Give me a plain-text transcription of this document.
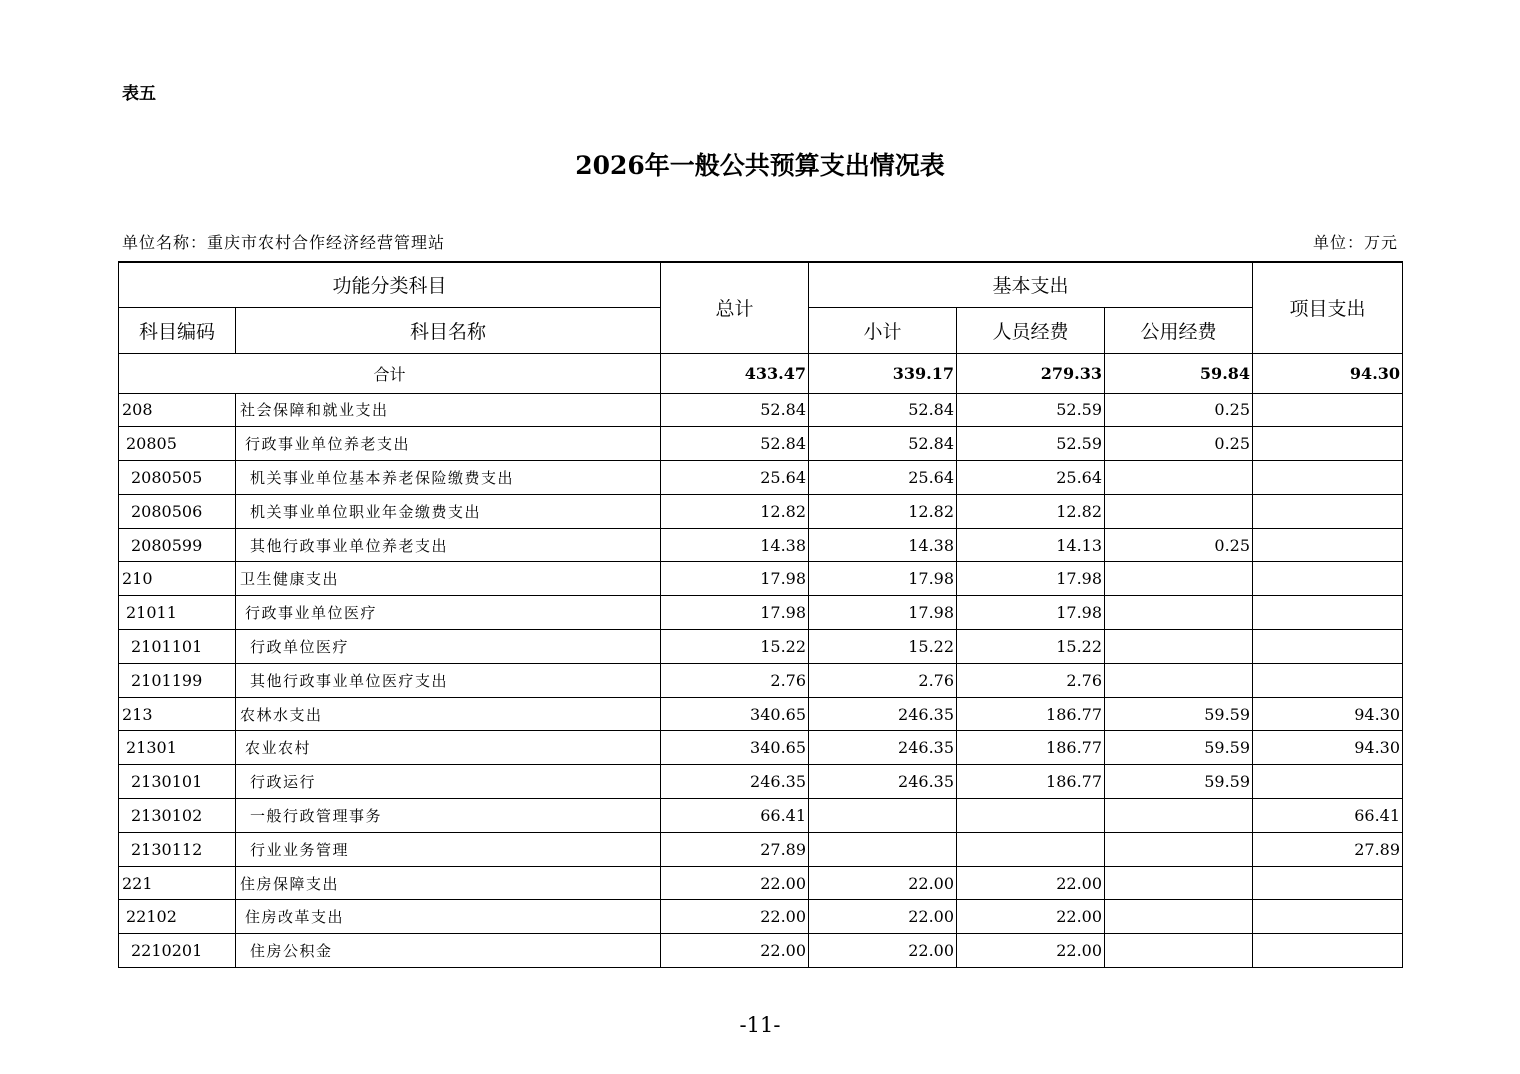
表五
2026年一般公共预算支出情况表
单位名称：重庆市农村合作经济经营管理站	单位：万元
功能分类科目		总计	基本支出			项目支出
科目编码	科目名称		小计	人员经费	公用经费	
合计		433.47	339.17	279.33	59.84	94.30
208	社会保障和就业支出	52.84	52.84	52.59	0.25	
20805	行政事业单位养老支出	52.84	52.84	52.59	0.25	
2080505	机关事业单位基本养老保险缴费支出	25.64	25.64	25.64		
2080506	机关事业单位职业年金缴费支出	12.82	12.82	12.82		
2080599	其他行政事业单位养老支出	14.38	14.38	14.13	0.25	
210	卫生健康支出	17.98	17.98	17.98		
21011	行政事业单位医疗	17.98	17.98	17.98		
2101101	行政单位医疗	15.22	15.22	15.22		
2101199	其他行政事业单位医疗支出	2.76	2.76	2.76		
213	农林水支出	340.65	246.35	186.77	59.59	94.30
21301	农业农村	340.65	246.35	186.77	59.59	94.30
2130101	行政运行	246.35	246.35	186.77	59.59	
2130102	一般行政管理事务	66.41				66.41
2130112	行业业务管理	27.89				27.89
221	住房保障支出	22.00	22.00	22.00		
22102	住房改革支出	22.00	22.00	22.00		
2210201	住房公积金	22.00	22.00	22.00		
-11-
